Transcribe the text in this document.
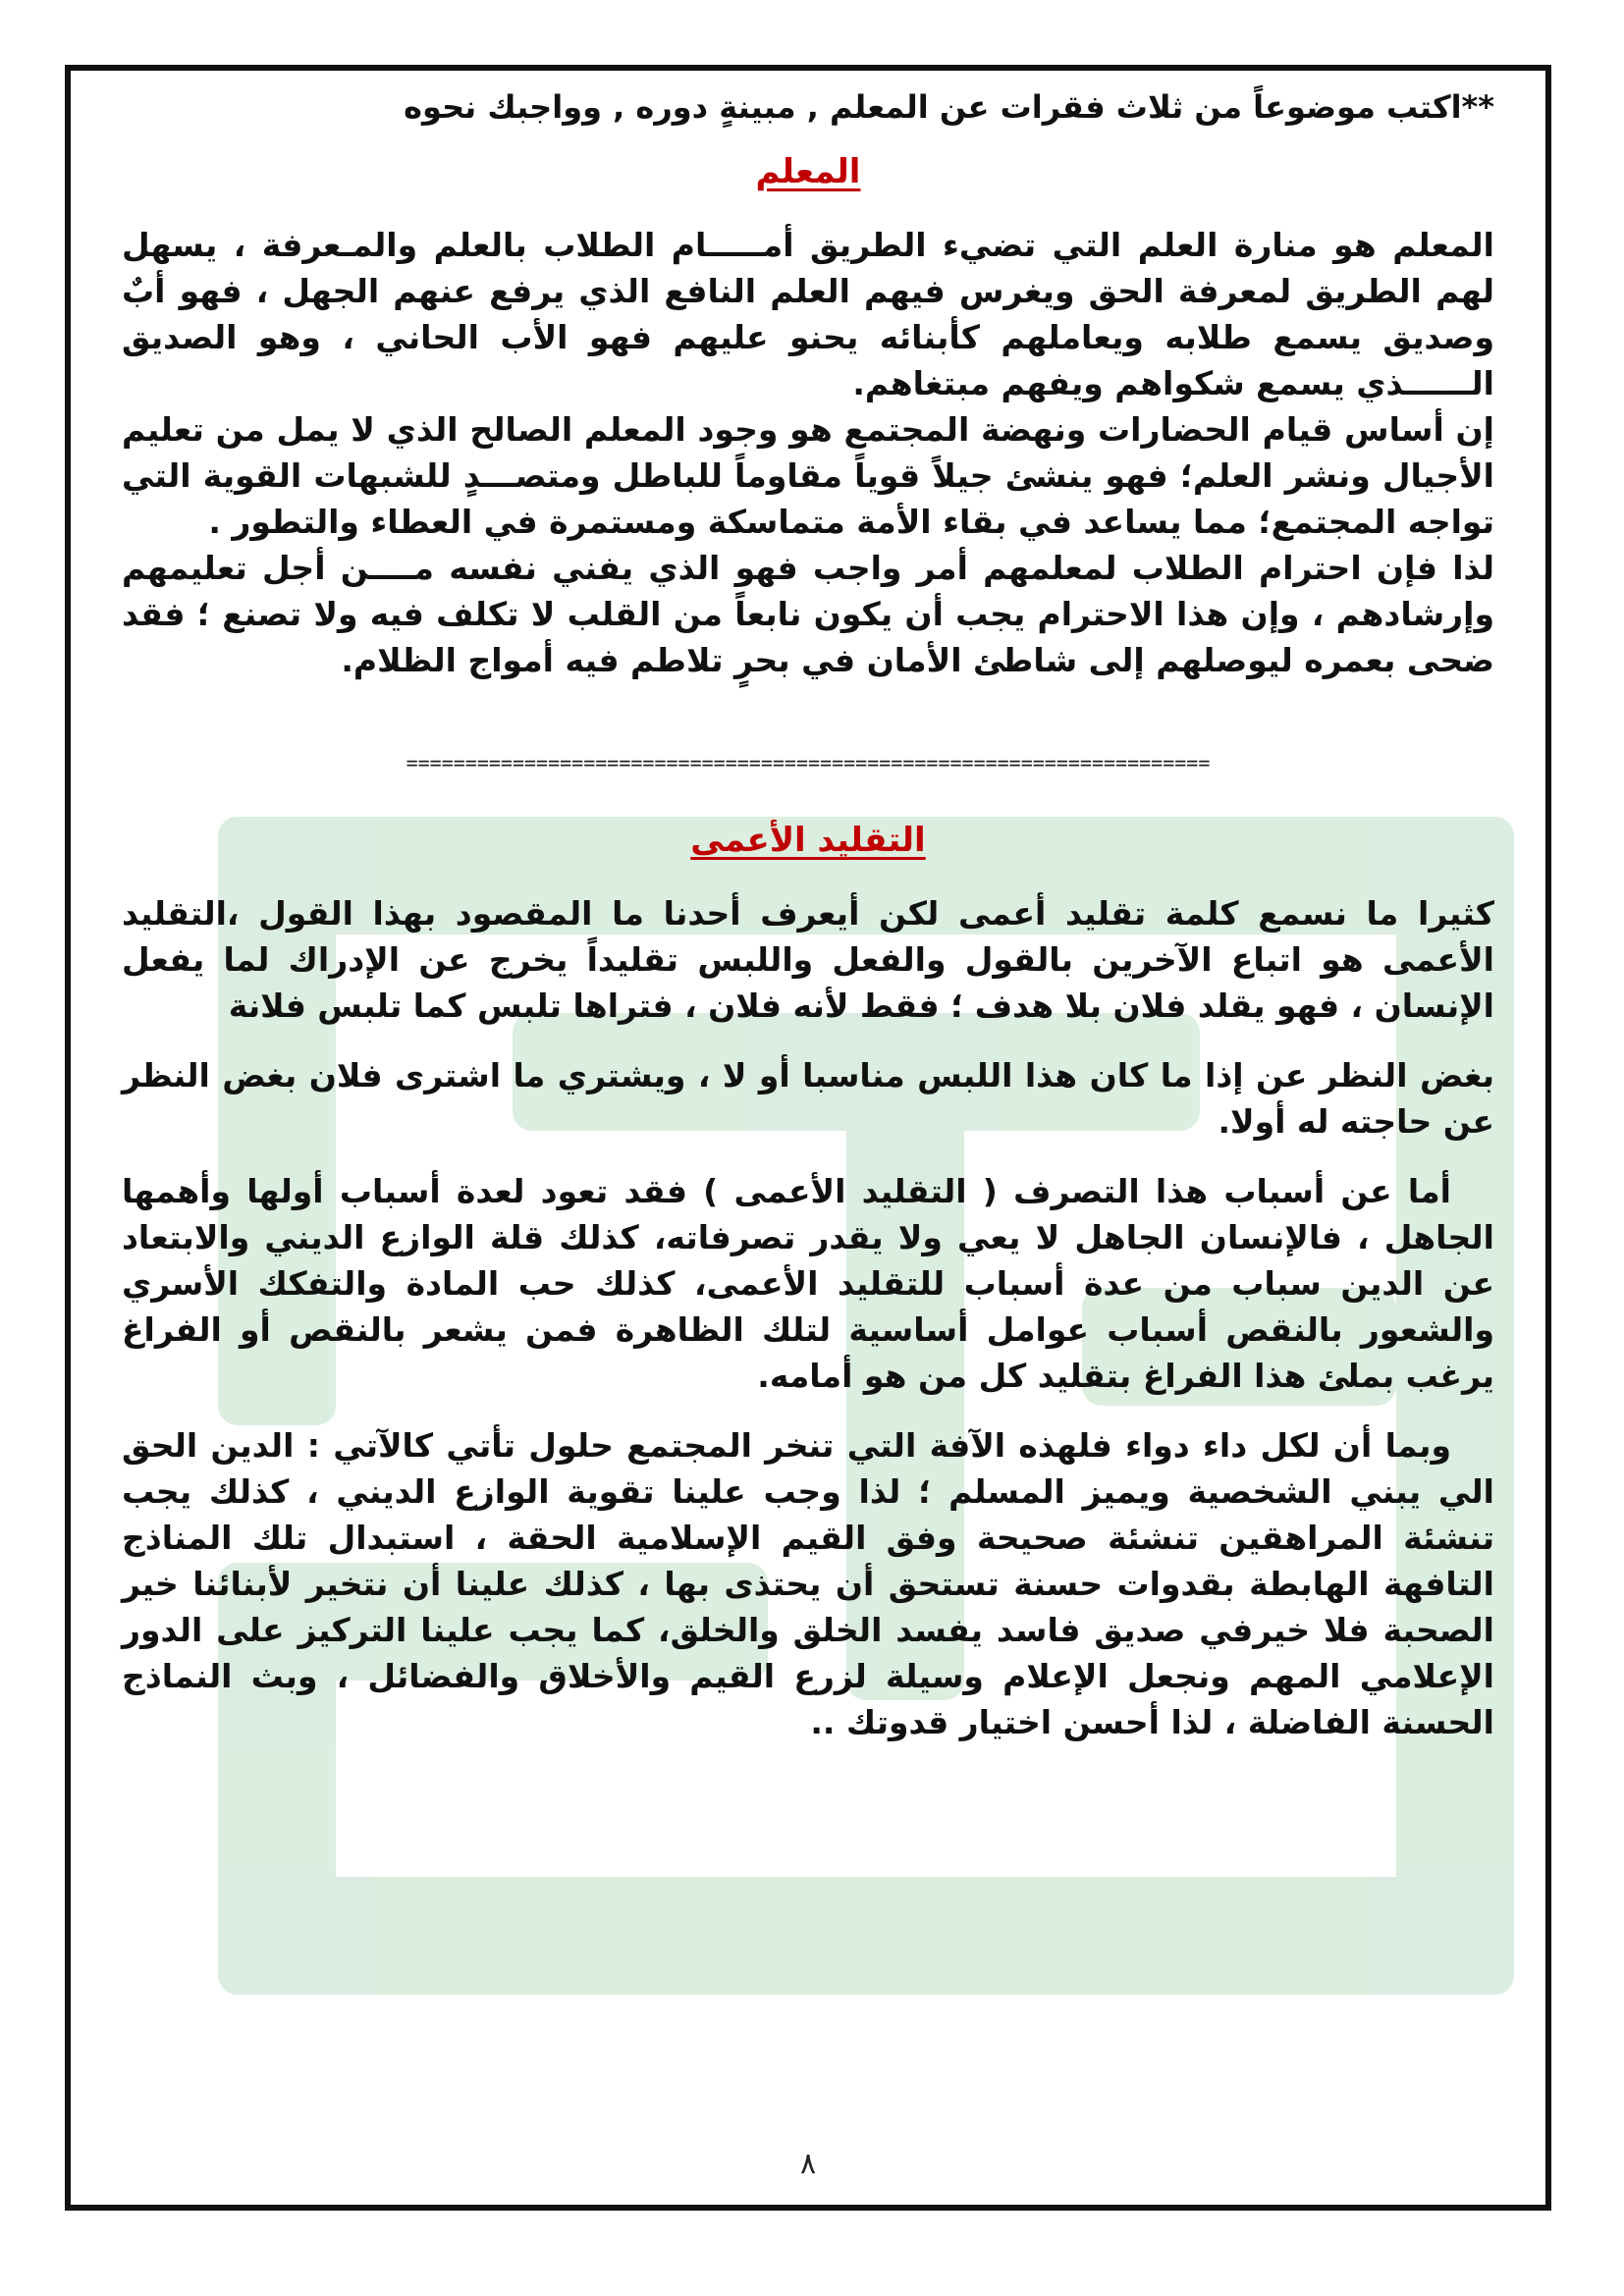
**اكتب موضوعاً من ثلاث فقرات عن المعلم , مبينةٍ دوره , وواجبك نحوه
المعلم

المعلم هو منارة العلم التي تضيء الطريق أمـــــام الطلاب بالعلم والمـعرفة ، يسهل لهم الطريق لمعرفة الحق ويغرس فيهم العلم النافع الذي يرفع عنهم الجهل ، فهو أبٌ وصديق يسمع طلابه ويعاملهم كأبنائه يحنو عليهم فهو الأب الحاني ، وهو الصديق الــــــذي يسمع شكواهم ويفهم مبتغاهم.

إن أساس قيام الحضارات ونهضة المجتمع هو وجود المعلم الصالح الذي لا يمل من تعليم الأجيال ونشر العلم؛ فهو ينشئ جيلاً قوياً مقاوماً للباطل ومتصـــدٍ للشبهات القوية التي تواجه المجتمع؛ مما يساعد في بقاء الأمة متماسكة ومستمرة في العطاء والتطور .

لذا فإن احترام الطلاب لمعلمهم أمر واجب فهو الذي يفني نفسه مــــن أجل تعليمهم وإرشادهم ، وإن هذا الاحترام يجب أن يكون نابعاً من القلب لا تكلف فيه ولا تصنع ؛ فقد ضحى بعمره ليوصلهم إلى شاطئ الأمان في بحرٍ تلاطم فيه أمواج الظلام.

====================================================================
التقليد الأعمى

كثيرا ما نسمع كلمة تقليد أعمى لكن أيعرف أحدنا ما المقصود بهذا القول ،التقليد الأعمى هو اتباع الآخرين بالقول والفعل واللبس تقليداً يخرج عن الإدراك لما يفعل الإنسان ، فهو يقلد فلان بلا هدف ؛ فقط لأنه فلان ، فتراها تلبس كما تلبس فلانة

بغض النظر عن إذا ما كان هذا اللبس مناسبا أو لا ، ويشتري ما اشترى فلان بغض النظر عن حاجته له أولا.

أما عن أسباب هذا التصرف ( التقليد الأعمى ) فقد تعود لعدة أسباب أولها وأهمها الجاهل ، فالإنسان الجاهل لا يعي ولا يقدر تصرفاته، كذلك قلة الوازع الديني والابتعاد عن الدين سباب من عدة أسباب للتقليد الأعمى، كذلك حب المادة والتفكك الأسري والشعور بالنقص أسباب عوامل أساسية لتلك الظاهرة فمن يشعر بالنقص أو الفراغ يرغب بملئ هذا الفراغ بتقليد كل من هو أمامه.

وبما أن لكل داء دواء فلهذه الآفة التي تنخر المجتمع حلول تأتي كالآتي : الدين الحق الي يبني الشخصية ويميز المسلم ؛ لذا وجب علينا تقوية الوازع الديني ، كذلك يجب تنشئة المراهقين تنشئة صحيحة وفق القيم الإسلامية الحقة ، استبدال تلك المناذج التافهة الهابطة بقدوات حسنة تستحق أن يحتذى بها ، كذلك علينا أن نتخير لأبنائنا خير الصحبة فلا خيرفي صديق فاسد يفسد الخلق والخلق، كما يجب علينا التركيز على الدور الإعلامي المهم ونجعل الإعلام وسيلة لزرع القيم والأخلاق والفضائل ، وبث النماذج الحسنة الفاضلة ، لذا أحسن اختيار قدوتك ..

٨
